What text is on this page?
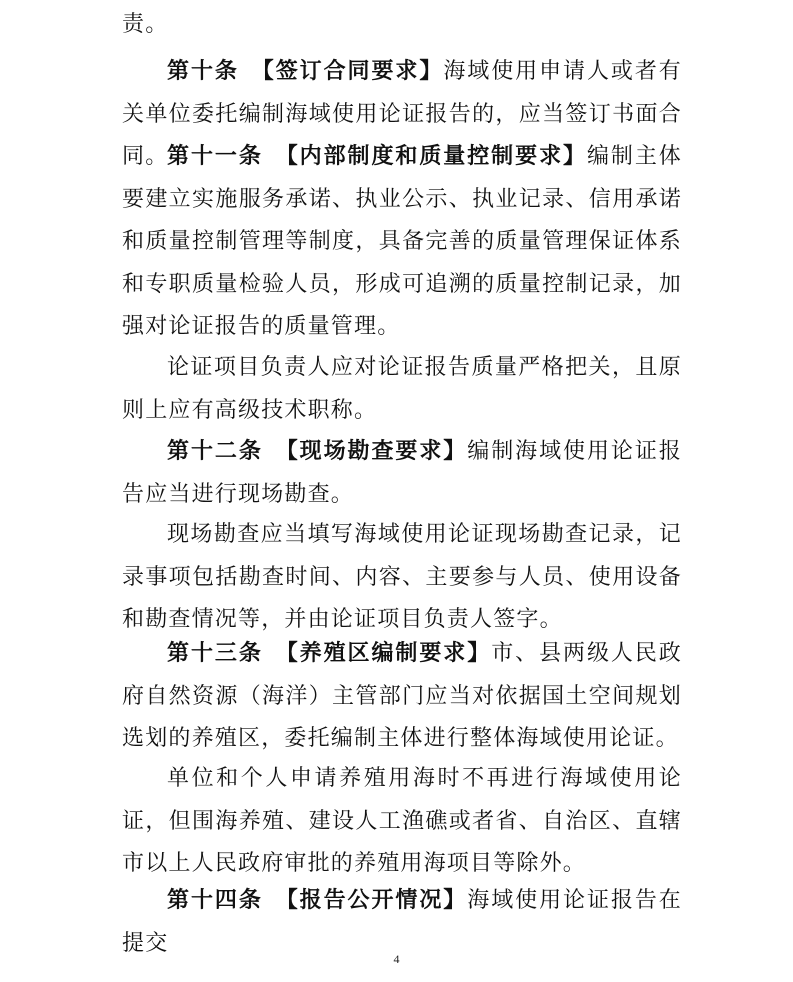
责。

第十条　【签订合同要求】海域使用申请人或者有关单位委托编制海域使用论证报告的，应当签订书面合同。

第十一条　【内部制度和质量控制要求】编制主体要建立实施服务承诺、执业公示、执业记录、信用承诺和质量控制管理等制度，具备完善的质量管理保证体系和专职质量检验人员，形成可追溯的质量控制记录，加强对论证报告的质量管理。

论证项目负责人应对论证报告质量严格把关，且原则上应有高级技术职称。

第十二条　【现场勘查要求】编制海域使用论证报告应当进行现场勘查。

现场勘查应当填写海域使用论证现场勘查记录，记录事项包括勘查时间、内容、主要参与人员、使用设备和勘查情况等，并由论证项目负责人签字。

第十三条　【养殖区编制要求】市、县两级人民政府自然资源（海洋）主管部门应当对依据国土空间规划选划的养殖区，委托编制主体进行整体海域使用论证。

单位和个人申请养殖用海时不再进行海域使用论证，但围海养殖、建设人工渔礁或者省、自治区、直辖市以上人民政府审批的养殖用海项目等除外。

第十四条　【报告公开情况】海域使用论证报告在提交

4
